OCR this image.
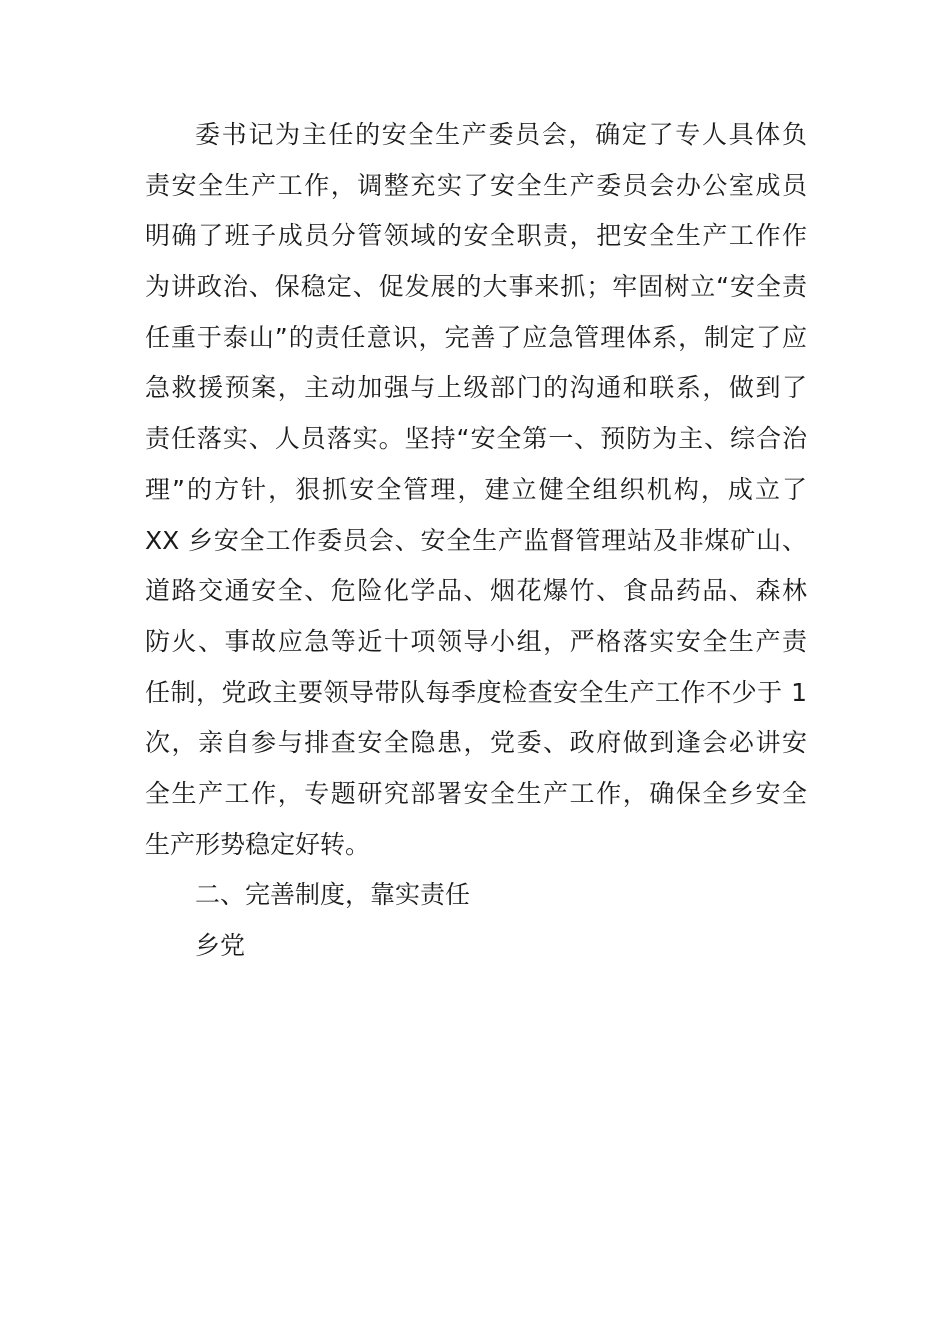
委书记为主任的安全生产委员会，确定了专人具体负
责安全生产工作，调整充实了安全生产委员会办公室成员
明确了班子成员分管领域的安全职责，把安全生产工作作
为讲政治、保稳定、促发展的大事来抓；牢固树立“安全责
任重于泰山”的责任意识，完善了应急管理体系，制定了应
急救援预案，主动加强与上级部门的沟通和联系，做到了
责任落实、人员落实。坚持“安全第一、预防为主、综合治
理”的方针，狠抓安全管理，建立健全组织机构，成立了
XX 乡安全工作委员会、安全生产监督管理站及非煤矿山、
道路交通安全、危险化学品、烟花爆竹、食品药品、森林
防火、事故应急等近十项领导小组，严格落实安全生产责
任制，党政主要领导带队每季度检查安全生产工作不少于 1
次，亲自参与排查安全隐患，党委、政府做到逢会必讲安
全生产工作，专题研究部署安全生产工作，确保全乡安全
生产形势稳定好转。
二、完善制度，靠实责任
乡党
